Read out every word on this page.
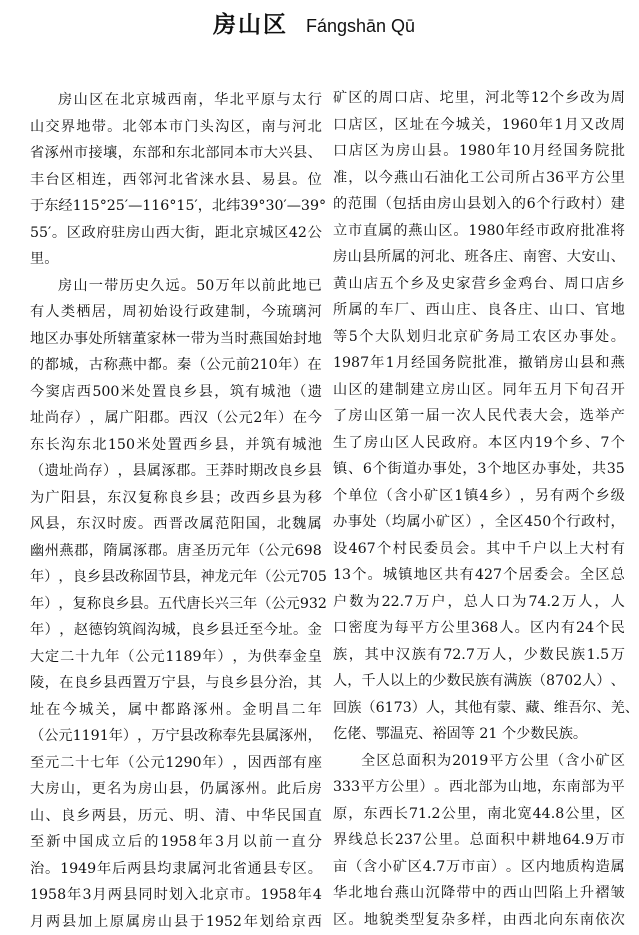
房山区 Fángshān Qū
房 山 区 在 北 京 城 西 南 ， 华 北 平 原 与 太 行
山 交 界 地 带 。 北 邻 本 市 门 头 沟 区 ， 南 与 河 北
省 涿 州 市 接 壤 ， 东 部 和 东 北 部 同 本 市 大 兴 县 、
丰 台 区 相 连 ， 西 邻 河 北 省 涞 水 县 、 易 县 。 位
于 东 经 115°25′ — 116°15′ ， 北 纬 39°30′ — 39°
55′ 。 区 政 府 驻 房 山 西 大 街 ， 距 北 京 城 区 42 公
里。
房 山 一 带 历 史 久 远 。 50 万 年 以 前 此 地 已
有 人 类 栖 居 ， 周 初 始 设 行 政 建 制 ， 今 琉 璃 河
地 区 办 事 处 所 辖 董 家 林 一 带 为 当 时 燕 国 始 封 地
的 都 城 ， 古 称 燕 中 都 。 秦 （ 公 元 前 210 年 ） 在
今 窦 店 西 500 米 处 置 良 乡 县 ， 筑 有 城 池 （ 遗
址 尚 存 ） ， 属 广 阳 郡 。 西 汉 （ 公 元 2 年 ） 在 今
东 长 沟 东 北 150 米 处 置 西 乡 县 ， 并 筑 有 城 池
（ 遗 址 尚 存 ） ， 县 属 涿 郡 。 王 莽 时 期 改 良 乡 县
为 广 阳 县 ， 东 汉 复 称 良 乡 县 ； 改 西 乡 县 为 移
风 县 ， 东 汉 时 废 。 西 晋 改 属 范 阳 国 ， 北 魏 属
幽 州 燕 郡 ， 隋 属 涿 郡 。 唐 圣 历 元 年 （ 公 元 698
年 ） ， 良 乡 县 改 称 固 节 县 ， 神 龙 元 年 （ 公 元 705
年 ） ， 复 称 良 乡 县 。 五 代 唐 长 兴 三 年 （ 公 元 932
年 ） ， 赵 德 钧 筑 阎 沟 城 ， 良 乡 县 迁 至 今 址 。 金
大 定 二 十 九 年 （ 公 元 1189 年 ） ， 为 供 奉 金 皇
陵 ， 在 良 乡 县 西 置 万 宁 县 ， 与 良 乡 县 分 治 ， 其
址 在 今 城 关 ， 属 中 都 路 涿 州 。 金 明 昌 二 年
（ 公 元 1191 年 ） ， 万 宁 县 改 称 奉 先 县 属 涿 州 ，
至 元 二 十 七 年 （ 公 元 1290 年 ） ， 因 西 部 有 座
大 房 山 ， 更 名 为 房 山 县 ， 仍 属 涿 州 。 此 后 房
山 、 良 乡 两 县 ， 历 元 、 明 、 清 、 中 华 民 国 直
至 新 中 国 成 立 后 的 1958 年 3 月 以 前 一 直 分
治 。 1949 年 后 两 县 均 隶 属 河 北 省 通 县 专 区 。
1958 年 3 月 两 县 同 时 划 入 北 京 市 。 1958 年 4
月 两 县 加 上 原 属 房 山 县 于 1952 年 划 给 京 西
矿 区 的 周 口 店 、 坨 里 ， 河 北 等 12 个 乡 改 为 周
口 店 区 ， 区 址 在 今 城 关 ， 1960 年 1 月 又 改 周
口 店 区 为 房 山 县 。 1980 年 10 月 经 国 务 院 批
准 ， 以 今 燕 山 石 油 化 工 公 司 所 占 36 平 方 公 里
的 范 围 （ 包 括 由 房 山 县 划 入 的 6 个 行 政 村 ） 建
立 市 直 属 的 燕 山 区 。 1980 年 经 市 政 府 批 准 将
房 山 县 所 属 的 河 北 、 班 各 庄 、 南 窖 、 大 安 山 、
黄 山 店 五 个 乡 及 史 家 营 乡 金 鸡 台 、 周 口 店 乡
所 属 的 车 厂 、 西 山 庄 、 良 各 庄 、 山 口 、 官 地
等 5 个 大 队 划 归 北 京 矿 务 局 工 农 区 办 事 处 。
1987 年 1 月 经 国 务 院 批 准 ， 撤 销 房 山 县 和 燕
山 区 的 建 制 建 立 房 山 区 。 同 年 五 月 下 旬 召 开
了 房 山 区 第 一 届 一 次 人 民 代 表 大 会 ， 选 举 产
生 了 房 山 区 人 民 政 府 。 本 区 内 19 个 乡 、 7 个
镇 、 6 个 街 道 办 事 处 ， 3 个 地 区 办 事 处 ， 共 35
个 单 位 （ 含 小 矿 区 1 镇 4 乡 ） ， 另 有 两 个 乡 级
办 事 处 （ 均 属 小 矿 区 ） ， 全 区 450 个 行 政 村 ，
设 467 个 村 民 委 员 会 。 其 中 千 户 以 上 大 村 有
13 个 。 城 镇 地 区 共 有 427 个 居 委 会 。 全 区 总
户 数 为 22.7 万 户 ， 总 人 口 为 74.2 万 人 ， 人
口 密 度 为 每 平 方 公 里 368 人 。 区 内 有 24 个 民
族 ， 其 中 汉 族 有 72.7 万 人 ， 少 数 民 族 1.5 万
人 ， 千 人 以 上 的 少 数 民 族 有 满 族 （ 8702 人 ） 、
回 族 （ 6173 ） 人 ， 其 他 有 蒙 、 藏 、 维 吾 尔 、 羌 、
仡佬、鄂温克、裕固等 21 个少数民族。
全 区 总 面 积 为 2019 平 方 公 里 （ 含 小 矿 区
333 平 方 公 里 ） 。 西 北 部 为 山 地 ， 东 南 部 为 平
原 ， 东 西 长 71.2 公 里 ， 南 北 宽 44.8 公 里 ， 区
界 线 总 长 237 公 里 。 总 面 积 中 耕 地 64.9 万 市
亩 （ 含 小 矿 区 4.7 万 市 亩 ） 。 区 内 地 质 构 造 属
华 北 地 台 燕 山 沉 降 带 中 的 西 山 凹 陷 上 升 褶 皱
区 。 地 貌 类 型 复 杂 多 样 ， 由 西 北 向 东 南 依 次
